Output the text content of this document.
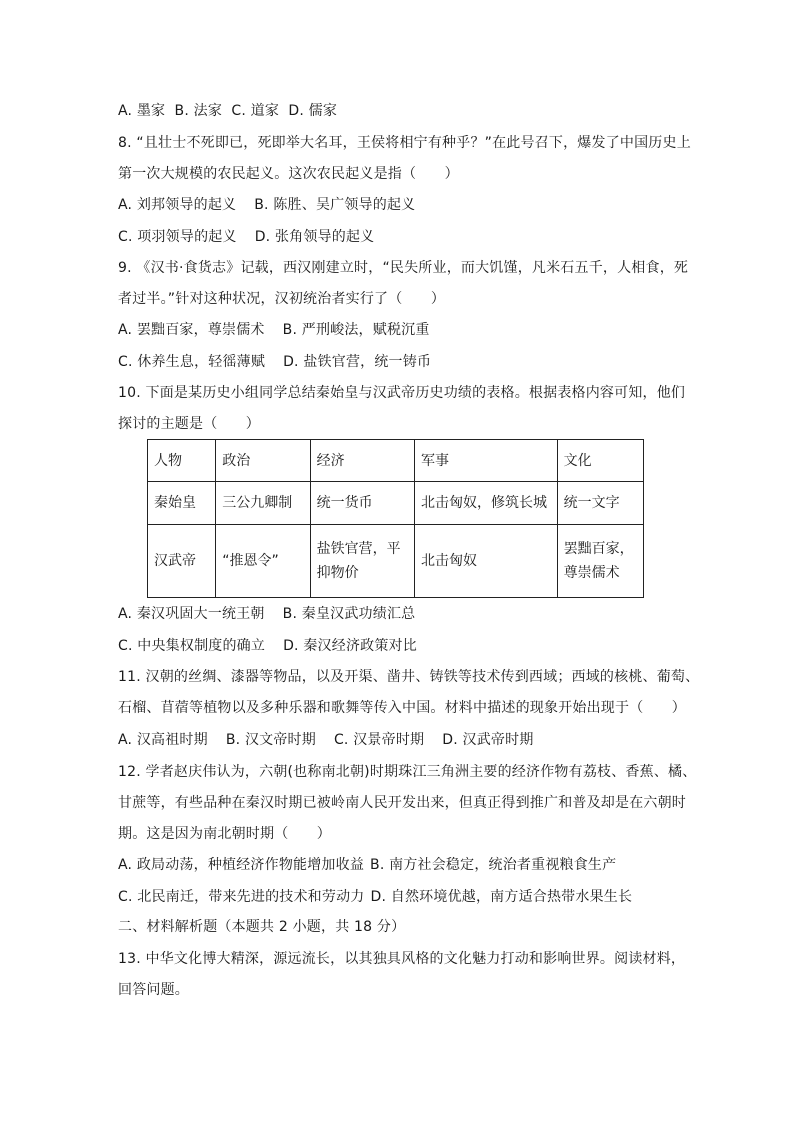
A. 墨家 B. 法家 C. 道家 D. 儒家
8. “且壮士不死即已，死即举大名耳，王侯将相宁有种乎？”在此号召下，爆发了中国历史上
第一次大规模的农民起义。这次农民起义是指（　　）
A. 刘邦领导的起义 B. 陈胜、吴广领导的起义
C. 项羽领导的起义 D. 张角领导的起义
9. 《汉书·食货志》记载，西汉刚建立时，“民失所业，而大饥馑，凡米石五千，人相食，死
者过半。”针对这种状况，汉初统治者实行了（　　）
A. 罢黜百家，尊崇儒术 B. 严刑峻法，赋税沉重
C. 休养生息，轻徭薄赋 D. 盐铁官营，统一铸币
10. 下面是某历史小组同学总结秦始皇与汉武帝历史功绩的表格。根据表格内容可知，他们
探讨的主题是（　　）
人物	政治	经济	军事	文化
秦始皇	三公九卿制	统一货币	北击匈奴，修筑长城	统一文字
汉武帝	“推恩令”	盐铁官营，平抑物价	北击匈奴	罢黜百家，尊崇儒术
A. 秦汉巩固大一统王朝 B. 秦皇汉武功绩汇总
C. 中央集权制度的确立 D. 秦汉经济政策对比
11. 汉朝的丝绸、漆器等物品，以及开渠、凿井、铸铁等技术传到西域；西域的核桃、葡萄、
石榴、苜蓿等植物以及多种乐器和歌舞等传入中国。材料中描述的现象开始出现于（　　）
A. 汉高祖时期 B. 汉文帝时期 C. 汉景帝时期 D. 汉武帝时期
12. 学者赵庆伟认为，六朝(也称南北朝)时期珠江三角洲主要的经济作物有荔枝、香蕉、橘、
甘蔗等，有些品种在秦汉时期已被岭南人民开发出来，但真正得到推广和普及却是在六朝时
期。这是因为南北朝时期（　　）
A. 政局动荡，种植经济作物能增加收益 B. 南方社会稳定，统治者重视粮食生产
C. 北民南迁，带来先进的技术和劳动力 D. 自然环境优越，南方适合热带水果生长
二、材料解析题（本题共 2 小题，共 18 分）
13. 中华文化博大精深，源远流长，以其独具风格的文化魅力打动和影响世界。阅读材料，
回答问题。
